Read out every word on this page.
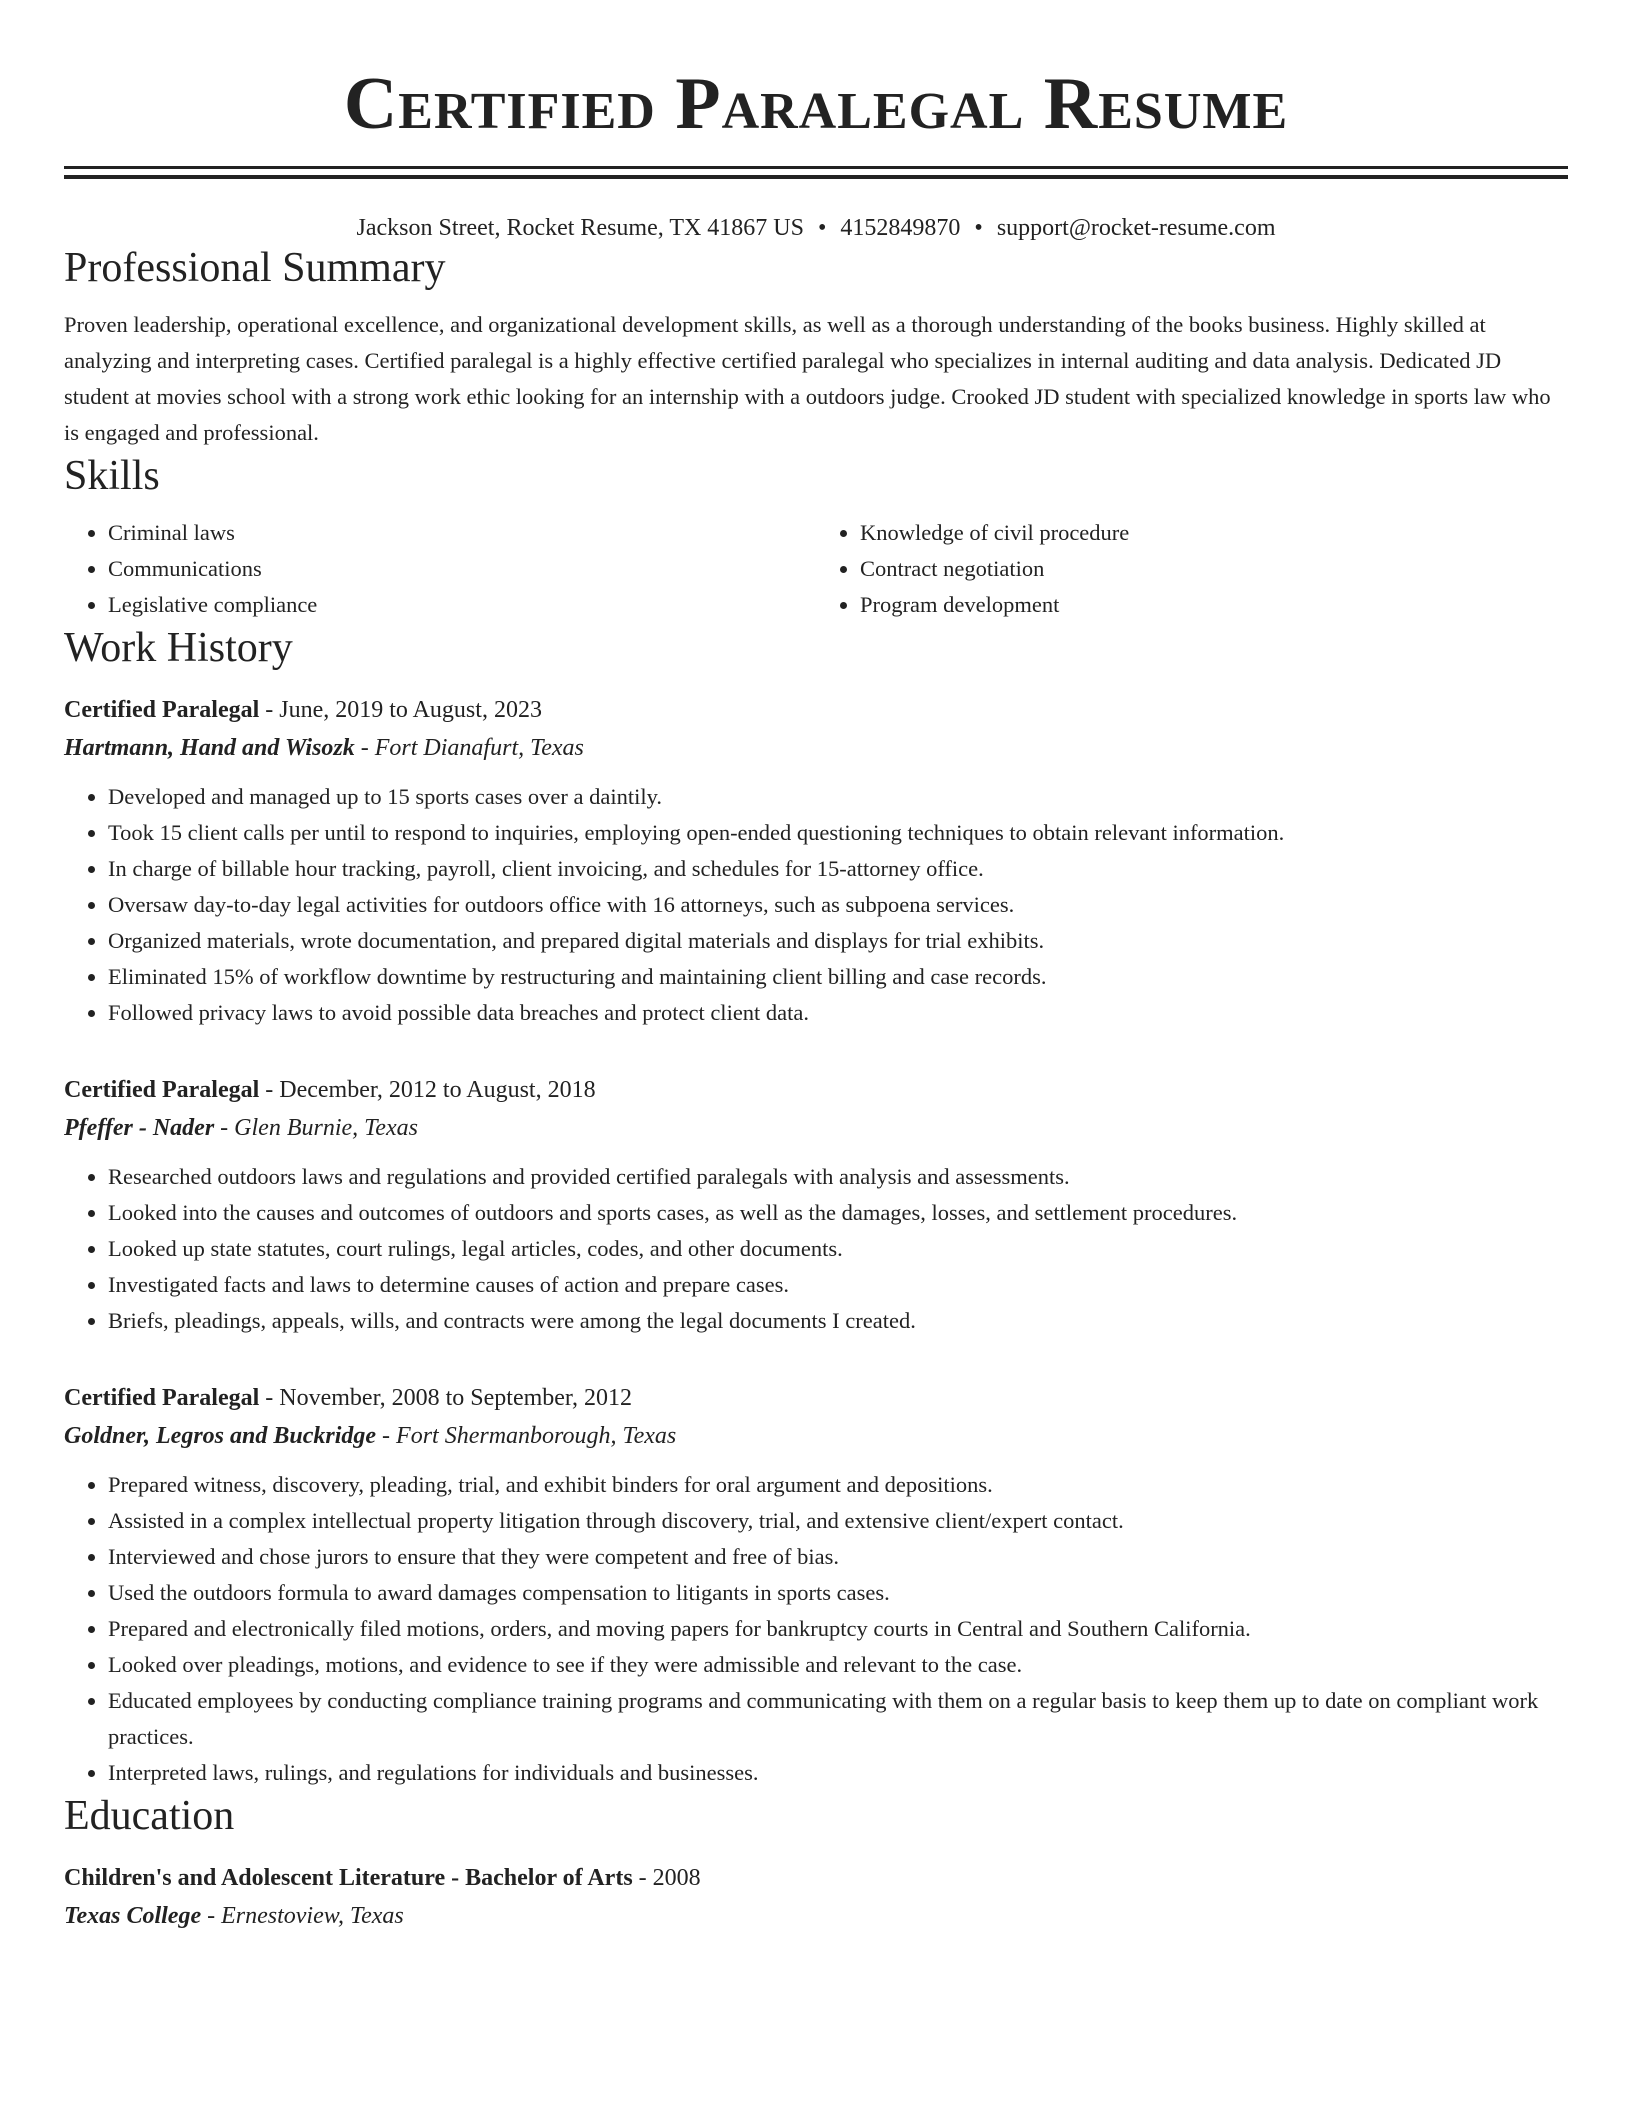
Certified Paralegal Resume
Jackson Street, Rocket Resume, TX 41867 US • 4152849870 • support@rocket-resume.com
Professional Summary
Proven leadership, operational excellence, and organizational development skills, as well as a thorough understanding of the books business. Highly skilled at analyzing and interpreting cases. Certified paralegal is a highly effective certified paralegal who specializes in internal auditing and data analysis. Dedicated JD student at movies school with a strong work ethic looking for an internship with a outdoors judge. Crooked JD student with specialized knowledge in sports law who is engaged and professional.
Skills
• Criminal laws
• Communications
• Legislative compliance
• Knowledge of civil procedure
• Contract negotiation
• Program development
Work History
Certified Paralegal - June, 2019 to August, 2023
Hartmann, Hand and Wisozk - Fort Dianafurt, Texas
• Developed and managed up to 15 sports cases over a daintily.
• Took 15 client calls per until to respond to inquiries, employing open-ended questioning techniques to obtain relevant information.
• In charge of billable hour tracking, payroll, client invoicing, and schedules for 15-attorney office.
• Oversaw day-to-day legal activities for outdoors office with 16 attorneys, such as subpoena services.
• Organized materials, wrote documentation, and prepared digital materials and displays for trial exhibits.
• Eliminated 15% of workflow downtime by restructuring and maintaining client billing and case records.
• Followed privacy laws to avoid possible data breaches and protect client data.
Certified Paralegal - December, 2012 to August, 2018
Pfeffer - Nader - Glen Burnie, Texas
• Researched outdoors laws and regulations and provided certified paralegals with analysis and assessments.
• Looked into the causes and outcomes of outdoors and sports cases, as well as the damages, losses, and settlement procedures.
• Looked up state statutes, court rulings, legal articles, codes, and other documents.
• Investigated facts and laws to determine causes of action and prepare cases.
• Briefs, pleadings, appeals, wills, and contracts were among the legal documents I created.
Certified Paralegal - November, 2008 to September, 2012
Goldner, Legros and Buckridge - Fort Shermanborough, Texas
• Prepared witness, discovery, pleading, trial, and exhibit binders for oral argument and depositions.
• Assisted in a complex intellectual property litigation through discovery, trial, and extensive client/expert contact.
• Interviewed and chose jurors to ensure that they were competent and free of bias.
• Used the outdoors formula to award damages compensation to litigants in sports cases.
• Prepared and electronically filed motions, orders, and moving papers for bankruptcy courts in Central and Southern California.
• Looked over pleadings, motions, and evidence to see if they were admissible and relevant to the case.
• Educated employees by conducting compliance training programs and communicating with them on a regular basis to keep them up to date on compliant work practices.
• Interpreted laws, rulings, and regulations for individuals and businesses.
Education
Children's and Adolescent Literature - Bachelor of Arts - 2008
Texas College - Ernestoview, Texas
